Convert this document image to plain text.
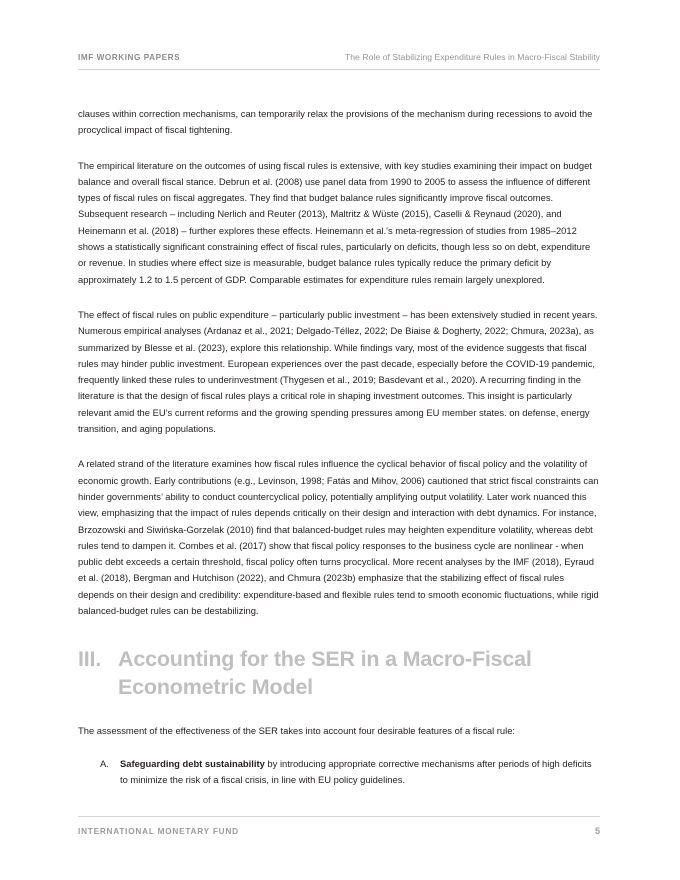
IMF WORKING PAPERS	The Role of Stabilizing Expenditure Rules in Macro-Fiscal Stability

clauses within correction mechanisms, can temporarily relax the provisions of the mechanism during recessions to avoid the procyclical impact of fiscal tightening.

The empirical literature on the outcomes of using fiscal rules is extensive, with key studies examining their impact on budget balance and overall fiscal stance. Debrun et al. (2008) use panel data from 1990 to 2005 to assess the influence of different types of fiscal rules on fiscal aggregates. They find that budget balance rules significantly improve fiscal outcomes. Subsequent research – including Nerlich and Reuter (2013), Maltritz & Wüste (2015), Caselli & Reynaud (2020), and Heinemann et al. (2018) – further explores these effects. Heinemann et al.'s meta-regression of studies from 1985–2012 shows a statistically significant constraining effect of fiscal rules, particularly on deficits, though less so on debt, expenditure or revenue. In studies where effect size is measurable, budget balance rules typically reduce the primary deficit by approximately 1.2 to 1.5 percent of GDP. Comparable estimates for expenditure rules remain largely unexplored.

The effect of fiscal rules on public expenditure – particularly public investment – has been extensively studied in recent years. Numerous empirical analyses (Ardanaz et al., 2021; Delgado-Téllez, 2022; De Biaise & Dogherty, 2022; Chmura, 2023a), as summarized by Blesse et al. (2023), explore this relationship. While findings vary, most of the evidence suggests that fiscal rules may hinder public investment. European experiences over the past decade, especially before the COVID-19 pandemic, frequently linked these rules to underinvestment (Thygesen et al., 2019; Basdevant et al., 2020). A recurring finding in the literature is that the design of fiscal rules plays a critical role in shaping investment outcomes. This insight is particularly relevant amid the EU’s current reforms and the growing spending pressures among EU member states. on defense, energy transition, and aging populations.

A related strand of the literature examines how fiscal rules influence the cyclical behavior of fiscal policy and the volatility of economic growth. Early contributions (e.g., Levinson, 1998; Fatás and Mihov, 2006) cautioned that strict fiscal constraints can hinder governments’ ability to conduct countercyclical policy, potentially amplifying output volatility. Later work nuanced this view, emphasizing that the impact of rules depends critically on their design and interaction with debt dynamics. For instance, Brzozowski and Siwińska-Gorzelak (2010) find that balanced-budget rules may heighten expenditure volatility, whereas debt rules tend to dampen it. Combes et al. (2017) show that fiscal policy responses to the business cycle are nonlinear - when public debt exceeds a certain threshold, fiscal policy often turns procyclical. More recent analyses by the IMF (2018), Eyraud et al. (2018), Bergman and Hutchison (2022), and Chmura (2023b) emphasize that the stabilizing effect of fiscal rules depends on their design and credibility: expenditure-based and flexible rules tend to smooth economic fluctuations, while rigid balanced-budget rules can be destabilizing.

III. Accounting for the SER in a Macro-Fiscal Econometric Model

The assessment of the effectiveness of the SER takes into account four desirable features of a fiscal rule:

A.	Safeguarding debt sustainability by introducing appropriate corrective mechanisms after periods of high deficits to minimize the risk of a fiscal crisis, in line with EU policy guidelines.
INTERNATIONAL MONETARY FUND	5
